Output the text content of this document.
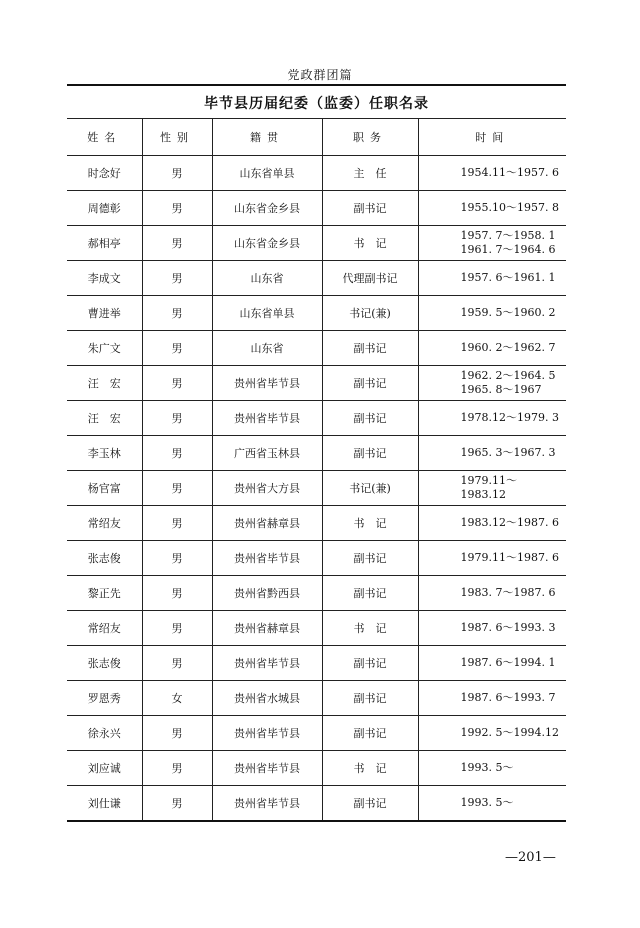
党政群团篇
毕节县历届纪委（监委）任职名录
姓名	性别	籍贯	职务	时间
时念好	男	山东省单县	主　任	1954.11～1957. 6

周德彰	男	山东省金乡县	副书记	1955.10～1957. 8

郝相亭	男	山东省金乡县	书　记	1957. 7～1958. 1
1961. 7～1964. 6

李成文	男	山东省	代理副书记	1957. 6～1961. 1

曹进举	男	山东省单县	书记(兼)	1959. 5～1960. 2

朱广文	男	山东省	副书记	1960. 2～1962. 7

汪　宏	男	贵州省毕节县	副书记	1962. 2～1964. 5
1965. 8～1967

汪　宏	男	贵州省毕节县	副书记	1978.12～1979. 3

李玉林	男	广西省玉林县	副书记	1965. 3～1967. 3

杨官富	男	贵州省大方县	书记(兼)	1979.11～1983.12

常绍友	男	贵州省赫章县	书　记	1983.12～1987. 6

张志俊	男	贵州省毕节县	副书记	1979.11～1987. 6

黎正先	男	贵州省黔西县	副书记	1983. 7～1987. 6

常绍友	男	贵州省赫章县	书　记	1987. 6～1993. 3

张志俊	男	贵州省毕节县	副书记	1987. 6～1994. 1

罗恩秀	女	贵州省水城县	副书记	1987. 6～1993. 7

徐永兴	男	贵州省毕节县	副书记	1992. 5～1994.12

刘应诚	男	贵州省毕节县	书　记	1993. 5～

刘仕谦	男	贵州省毕节县	副书记	1993. 5～
—201—
